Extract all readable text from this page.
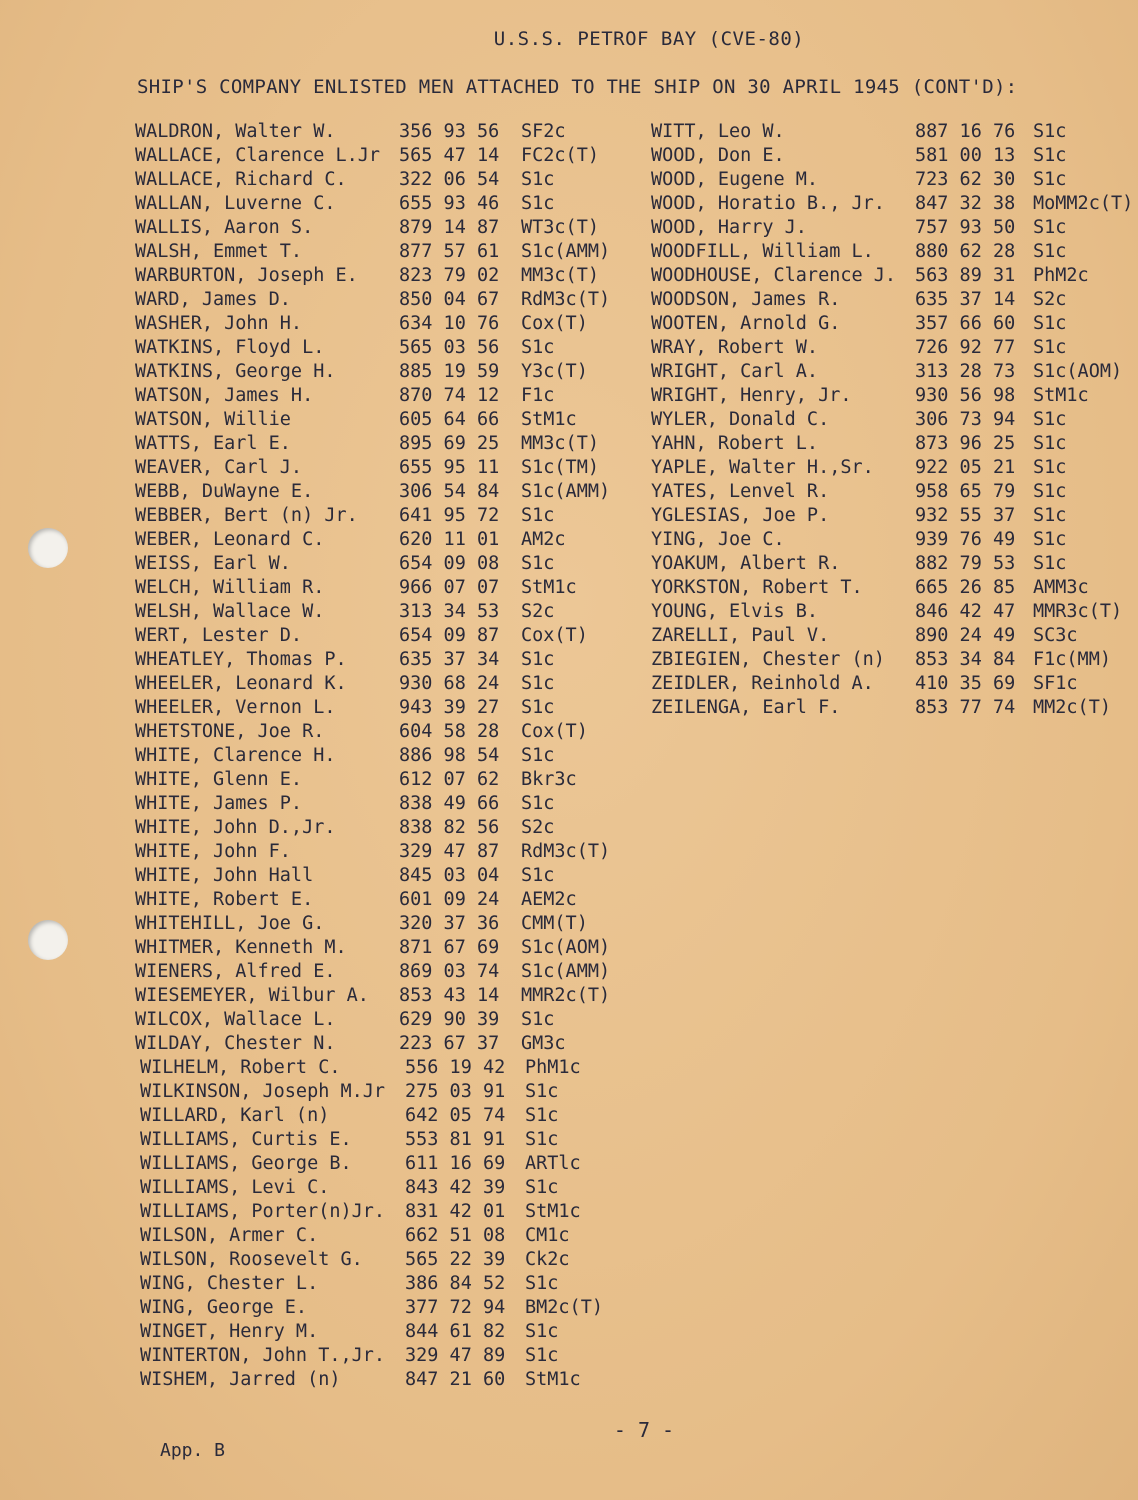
U.S.S. PETROF BAY (CVE-80)
SHIP'S COMPANY ENLISTED MEN ATTACHED TO THE SHIP ON 30 APRIL 1945 (CONT'D):
WALDRON, Walter W.	356 93 56 SF2c
WALLACE, Clarence L.Jr 565 47 14 FC2c(T)
WALLACE, Richard C.	322 06 54 S1c
WALLAN, Luverne C.	655 93 46 S1c
WALLIS, Aaron S.	879 14 87 WT3c(T)
WALSH, Emmet T.	877 57 61 S1c(AMM)
WARBURTON, Joseph E. 823 79 02 MM3c(T)
WARD, James D.	850 04 67 RdM3c(T)
WASHER, John H.	634 10 76 Cox(T)
WATKINS, Floyd L.	565 03 56 S1c
WATKINS, George H.	885 19 59 Y3c(T)
WATSON, James H.	870 74 12 F1c
WATSON, Willie	605 64 66 StM1c
WATTS, Earl E.	895 69 25 MM3c(T)
WEAVER, Carl J.	655 95 11 S1c(TM)
WEBB, DuWayne E.	306 54 84 S1c(AMM)
WEBBER, Bert (n) Jr. 641 95 72 S1c
WEBER, Leonard C.	620 11 01 AM2c
WEISS, Earl W.	654 09 08 S1c
WELCH, William R.	966 07 07 StM1c
WELSH, Wallace W.	313 34 53 S2c
WERT, Lester D.	654 09 87 Cox(T)
WHEATLEY, Thomas P.	635 37 34 S1c
WHEELER, Leonard K.	930 68 24 S1c
WHEELER, Vernon L.	943 39 27 S1c
WHETSTONE, Joe R.	604 58 28 Cox(T)
WHITE, Clarence H.	886 98 54 S1c
WHITE, Glenn E.	612 07 62 Bkr3c
WHITE, James P.	838 49 66 S1c
WHITE, John D.,Jr.	838 82 56 S2c
WHITE, John F.	329 47 87 RdM3c(T)
WHITE, John Hall	845 03 04 S1c
WHITE, Robert E.	601 09 24 AEM2c
WHITEHILL, Joe G.	320 37 36 CMM(T)
WHITMER, Kenneth M.	871 67 69 S1c(AOM)
WIENERS, Alfred E.	869 03 74 S1c(AMM)
WIESEMEYER, Wilbur A. 853 43 14 MMR2c(T)
WILCOX, Wallace L.	629 90 39 S1c
WILDAY, Chester N.	223 67 37 GM3c
WILHELM, Robert C.	556 19 42 PhM1c
WILKINSON, Joseph M.Jr 275 03 91 S1c
WILLARD, Karl (n)	642 05 74 S1c
WILLIAMS, Curtis E.	553 81 91 S1c
WILLIAMS, George B.	611 16 69 ARTlc
WILLIAMS, Levi C.	843 42 39 S1c
WILLIAMS, Porter(n)Jr. 831 42 01 StM1c
WILSON, Armer C.	662 51 08 CM1c
WILSON, Roosevelt G. 565 22 39 Ck2c
WING, Chester L.	386 84 52 S1c
WING, George E.	377 72 94 BM2c(T)
WINGET, Henry M.	844 61 82 S1c
WINTERTON, John T.,Jr. 329 47 89 S1c
WISHEM, Jarred (n)	847 21 60 StM1c
WITT, Leo W.	887 16 76 S1c
WOOD, Don E.	581 00 13 S1c
WOOD, Eugene M.	723 62 30 S1c
WOOD, Horatio B., Jr. 847 32 38 MoMM2c(T)
WOOD, Harry J.	757 93 50 S1c
WOODFILL, William L. 880 62 28 S1c
WOODHOUSE, Clarence J. 563 89 31 PhM2c
WOODSON, James R.	635 37 14 S2c
WOOTEN, Arnold G.	357 66 60 S1c
WRAY, Robert W.	726 92 77 S1c
WRIGHT, Carl A.	313 28 73 S1c(AOM)
WRIGHT, Henry, Jr.	930 56 98 StM1c
WYLER, Donald C.	306 73 94 S1c
YAHN, Robert L.	873 96 25 S1c
YAPLE, Walter H.,Sr. 922 05 21 S1c
YATES, Lenvel R.	958 65 79 S1c
YGLESIAS, Joe P.	932 55 37 S1c
YING, Joe C.	939 76 49 S1c
YOAKUM, Albert R.	882 79 53 S1c
YORKSTON, Robert T.	665 26 85 AMM3c
YOUNG, Elvis B.	846 42 47 MMR3c(T)
ZARELLI, Paul V.	890 24 49 SC3c
ZBIEGIEN, Chester (n) 853 34 84 F1c(MM)
ZEIDLER, Reinhold A. 410 35 69 SF1c
ZEILENGA, Earl F.	853 77 74 MM2c(T)
- 7 -
App. B
